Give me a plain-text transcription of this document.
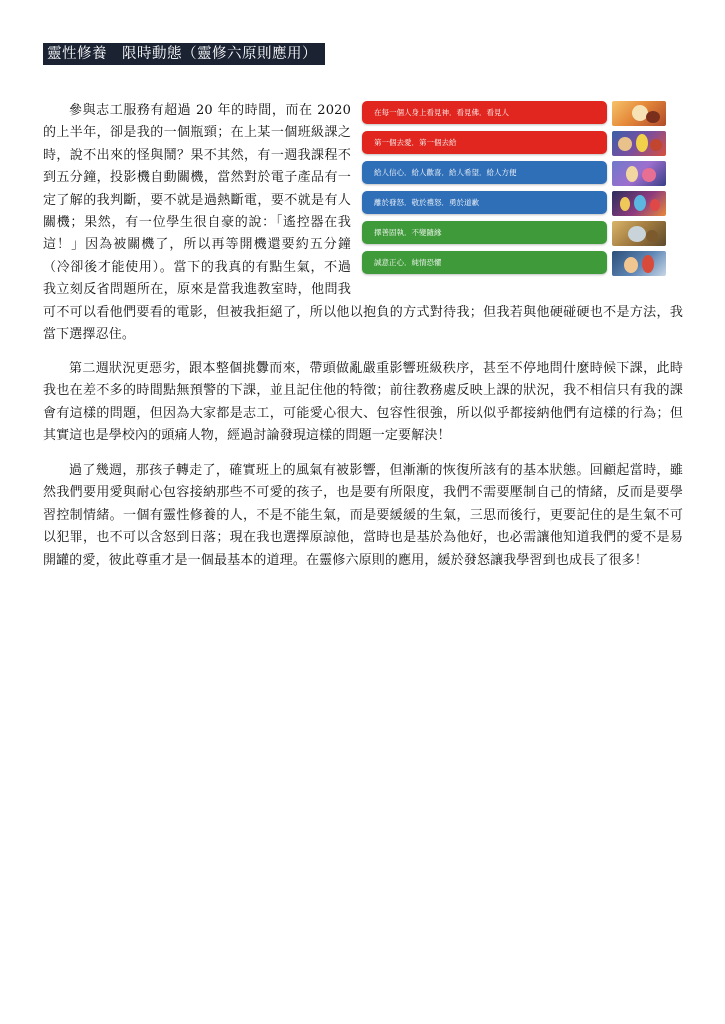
靈性修養　限時動態（靈修六原則應用）
在每一個人身上看見神．看見佛．看見人
第一個去愛．第一個去給
給人信心．給人歡喜．給人希望．給人方便
離於發怒．敬於禮怒．勇於道歉
擇善固執．不變隨緣
誠意正心．純情恐懼

參與志工服務有超過 20 年的時間，而在 2020 的上半年，卻是我的一個瓶頸；在上某一個班級課之時，說不出來的怪與鬧？果不其然，有一週我課程不到五分鐘，投影機自動關機，當然對於電子產品有一定了解的我判斷，要不就是過熱斷電，要不就是有人關機；果然，有一位學生很自豪的說：「遙控器在我這！」因為被關機了，所以再等開機還要約五分鐘（冷卻後才能使用）。當下的我真的有點生氣，不過我立刻反省問題所在，原來是當我進教室時，他問我可不可以看他們要看的電影，但被我拒絕了，所以他以抱負的方式對待我；但我若與他硬碰硬也不是方法，我當下選擇忍住。

第二週狀況更惡劣，跟本整個挑釁而來，帶頭做亂嚴重影響班級秩序，甚至不停地問什麼時候下課，此時我也在差不多的時間點無預警的下課，並且記住他的特徵；前往教務處反映上課的狀況，我不相信只有我的課會有這樣的問題，但因為大家都是志工，可能愛心很大、包容性很強，所以似乎都接納他們有這樣的行為；但其實這也是學校內的頭痛人物，經過討論發現這樣的問題一定要解決！

過了幾週，那孩子轉走了，確實班上的風氣有被影響，但漸漸的恢復所該有的基本狀態。回顧起當時，雖然我們要用愛與耐心包容接納那些不可愛的孩子，也是要有所限度，我們不需要壓制自己的情緒，反而是要學習控制情緒。一個有靈性修養的人，不是不能生氣，而是要緩緩的生氣，三思而後行，更要記住的是生氣不可以犯罪，也不可以含怒到日落；現在我也選擇原諒他，當時也是基於為他好，也必需讓他知道我們的愛不是易開罐的愛，彼此尊重才是一個最基本的道理。在靈修六原則的應用，緩於發怒讓我學習到也成長了很多！
